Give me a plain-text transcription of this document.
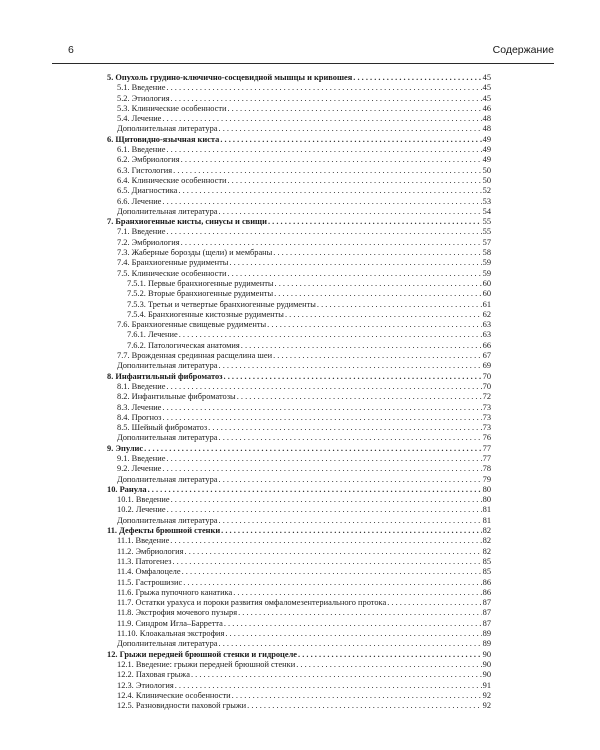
6	Содержание
5. Опухоль грудино-ключично-сосцевидной мышцы и кривошея . . .	45
5.1. Введение . . .	45
5.2. Этиология . . .	45
5.3. Клинические особенности . . .	46
5.4. Лечение . . .	48
Дополнительная литература . . .	48
6. Щитовидно-язычная киста . . .	49
6.1. Введение . . .	49
6.2. Эмбриология . . .	49
6.3. Гистология . . .	50
6.4. Клинические особенности . . .	50
6.5. Диагностика . . .	52
6.6. Лечение . . .	53
Дополнительная литература . . .	54
7. Бранхиогенные кисты, синусы и свищи . . .	55
7.1. Введение . . .	55
7.2. Эмбриология . . .	57
7.3. Жаберные борозды (щели) и мембраны . . .	58
7.4. Бранхиогенные рудименты . . .	59
7.5. Клинические особенности . . .	59
7.5.1. Первые бранхиогенные рудименты . . .	60
7.5.2. Вторые бранхиогенные рудименты . . .	60
7.5.3. Третьи и четвертые бранхиогенные рудименты . . .	61
7.5.4. Бранхиогенные кистозные рудименты . . .	62
7.6. Бранхиогенные свищевые рудименты . . .	63
7.6.1. Лечение . . .	63
7.6.2. Патологическая анатомия . . .	66
7.7. Врожденная срединная расщелина шеи . . .	67
Дополнительная литература . . .	69
8. Инфантильный фиброматоз . . .	70
8.1. Введение . . .	70
8.2. Инфантильные фиброматозы . . .	72
8.3. Лечение . . .	73
8.4. Прогноз . . .	73
8.5. Шейный фиброматоз . . .	73
Дополнительная литература . . .	76
9. Эпулис . . .	77
9.1. Введение . . .	77
9.2. Лечение . . .	78
Дополнительная литература . . .	79
10. Ранула . . .	80
10.1. Введение . . .	80
10.2. Лечение . . .	81
Дополнительная литература . . .	81
11. Дефекты брюшной стенки . . .	82
11.1. Введение . . .	82
11.2. Эмбриология . . .	82
11.3. Патогенез . . .	85
11.4. Омфалоцеле . . .	85
11.5. Гастрошизис . . .	86
11.6. Грыжа пупочного канатика . . .	86
11.7. Остатки урахуса и пороки развития омфаломезентериального протока . . .	87
11.8. Экстрофия мочевого пузыря . . .	87
11.9. Синдром Игла–Барретта . . .	87
11.10. Клоакальная экстрофия . . .	89
Дополнительная литература . . .	89
12. Грыжи передней брюшной стенки и гидроцеле . . .	90
12.1. Введение: грыжи передней брюшной стенки . . .	90
12.2. Паховая грыжа . . .	90
12.3. Этиология . . .	91
12.4. Клинические особенности . . .	92
12.5. Разновидности паховой грыжи . . .	92
